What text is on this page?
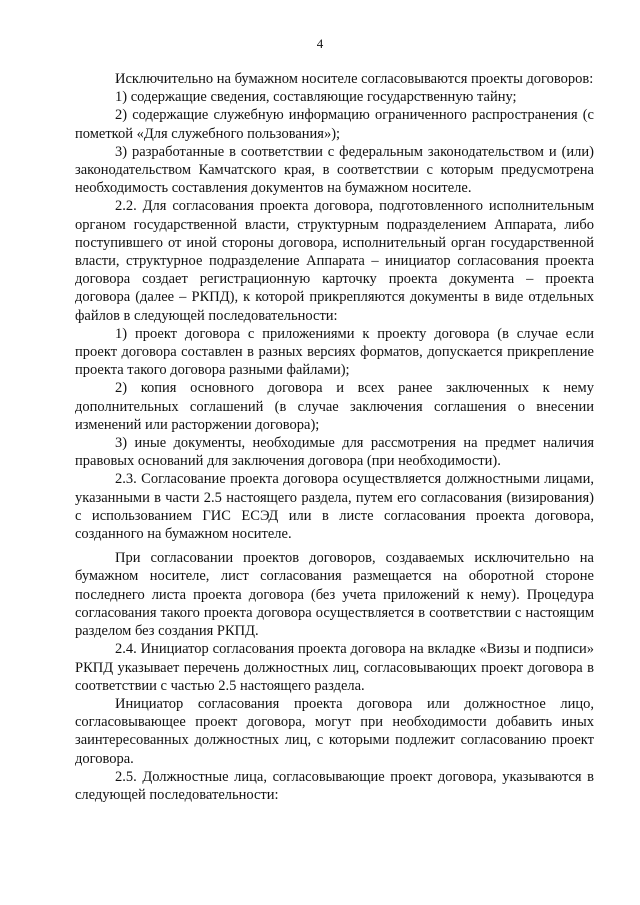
4

Исключительно на бумажном носителе согласовываются проекты договоров:

1) содержащие сведения, составляющие государственную тайну;

2) содержащие служебную информацию ограниченного распространения (с пометкой «Для служебного пользования»);

3) разработанные в соответствии с федеральным законодательством и (или) законодательством Камчатского края, в соответствии с которым предусмотрена необходимость составления документов на бумажном носителе.

2.2. Для согласования проекта договора, подготовленного исполнительным органом государственной власти, структурным подразделением Аппарата, либо поступившего от иной стороны договора, исполнительный орган государственной власти, структурное подразделение Аппарата – инициатор согласования проекта договора создает регистрационную карточку проекта документа – проекта договора (далее – РКПД), к которой прикрепляются документы в виде отдельных файлов в следующей последовательности:

1) проект договора с приложениями к проекту договора (в случае если проект договора составлен в разных версиях форматов, допускается прикрепление проекта такого договора разными файлами);

2) копия основного договора и всех ранее заключенных к нему дополнительных соглашений (в случае заключения соглашения о внесении изменений или расторжении договора);

3) иные документы, необходимые для рассмотрения на предмет наличия правовых оснований для заключения договора (при необходимости).

2.3. Согласование проекта договора осуществляется должностными лицами, указанными в части 2.5 настоящего раздела, путем его согласования (визирования) с использованием ГИС ЕСЭД или в листе согласования проекта договора, созданного на бумажном носителе.

При согласовании проектов договоров, создаваемых исключительно на бумажном носителе, лист согласования размещается на оборотной стороне последнего листа проекта договора (без учета приложений к нему). Процедура согласования такого проекта договора осуществляется в соответствии с настоящим разделом без создания РКПД.

2.4. Инициатор согласования проекта договора на вкладке «Визы и подписи» РКПД указывает перечень должностных лиц, согласовывающих проект договора в соответствии с частью 2.5 настоящего раздела.

Инициатор согласования проекта договора или должностное лицо, согласовывающее проект договора, могут при необходимости добавить иных заинтересованных должностных лиц, с которыми подлежит согласованию проект договора.

2.5. Должностные лица, согласовывающие проект договора, указываются в следующей последовательности:
